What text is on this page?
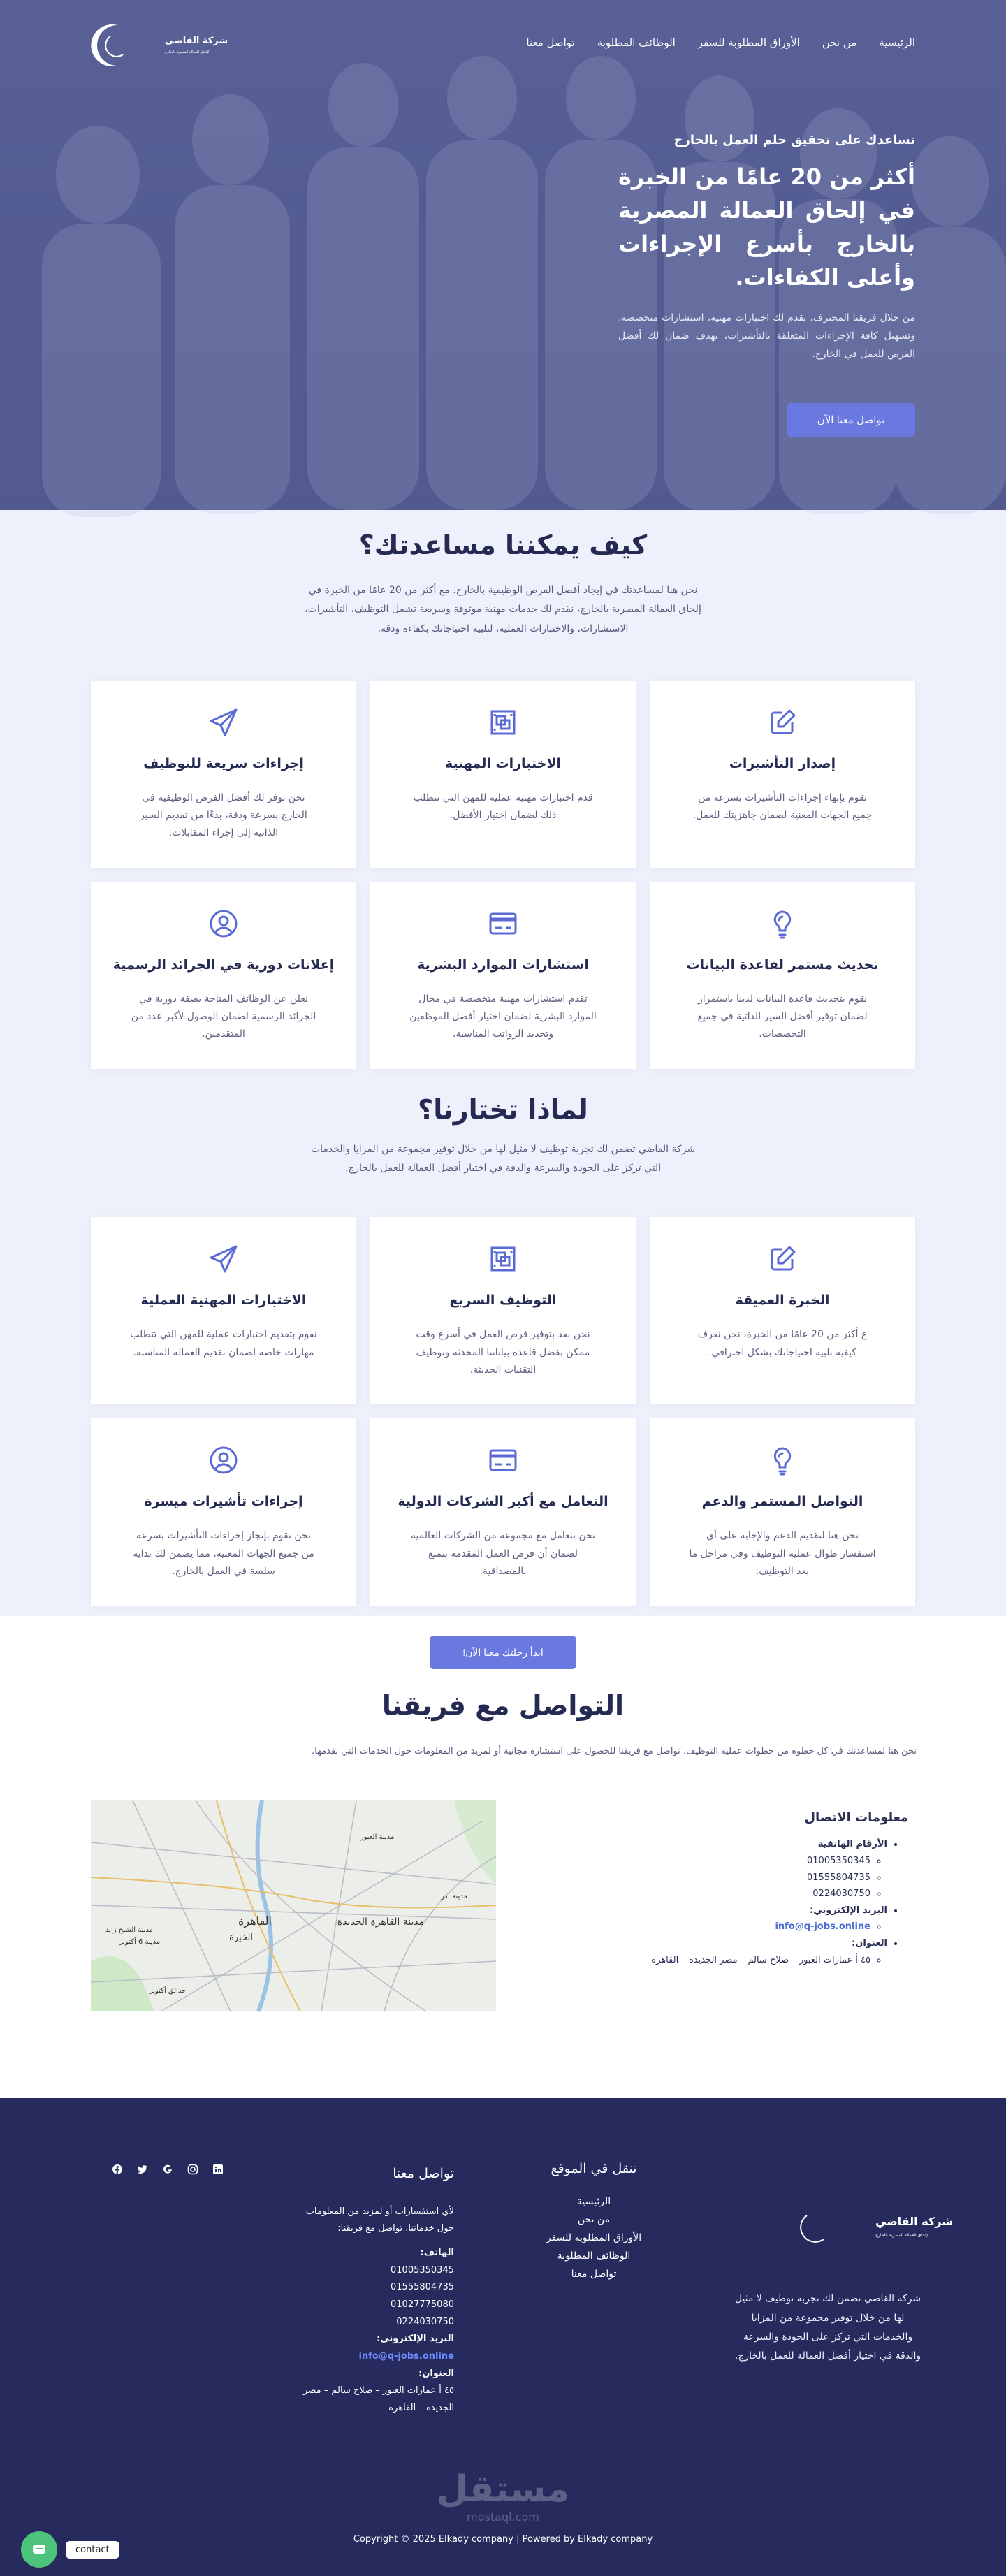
شركة القاضي
لإلحاق العمالة المصرية بالخارج
الرئيسية
من نحن
الأوراق المطلوبة للسفر
الوظائف المطلوبة
تواصل معنا
نساعدك على تحقيق حلم العمل بالخارج
أكثر من 20 عامًا من الخبرة في إلحاق العمالة المصرية بالخارج بأسرع الإجراءات وأعلى الكفاءات.

من خلال فريقنا المحترف، نقدم لك اختبارات مهنية، استشارات متخصصة، وتسهيل كافة الإجراءات المتعلقة بالتأشيرات، بهدف ضمان لك أفضل الفرص للعمل في الخارج.

تواصل معنا الآن
كيف يمكننا مساعدتك؟

نحن هنا لمساعدتك في إيجاد أفضل الفرص الوظيفية بالخارج. مع أكثر من 20 عامًا من الخبرة في إلحاق العمالة المصرية بالخارج، نقدم لك خدمات مهنية موثوقة وسريعة تشمل التوظيف، التأشيرات، الاستشارات، والاختبارات العملية، لتلبية احتياجاتك بكفاءة ودقة.

إصدار التأشيرات

نقوم بإنهاء إجراءات التأشيرات بسرعة من جميع الجهات المعنية لضمان جاهزيتك للعمل.

الاختبارات المهنية

قدم اختبارات مهنية عملية للمهن التي تتطلب ذلك لضمان اختيار الأفضل.

إجراءات سريعة للتوظيف

نحن نوفر لك أفضل الفرص الوظيفية في الخارج بسرعة ودقة، بدءًا من تقديم السير الذاتية إلى إجراء المقابلات.

تحديث مستمر لقاعدة البيانات

نقوم بتحديث قاعدة البيانات لدينا باستمرار لضمان توفير أفضل السير الذاتية في جميع التخصصات.

استشارات الموارد البشرية

تقدم استشارات مهنية متخصصة في مجال الموارد البشرية لضمان اختيار أفضل الموظفين وتحديد الرواتب المناسبة.

إعلانات دورية في الجرائد الرسمية

نعلن عن الوظائف المتاحة بصفة دورية في الجرائد الرسمية لضمان الوصول لأكبر عدد من المتقدمين.

لماذا تختارنا؟

شركة القاضي تضمن لك تجربة توظيف لا مثيل لها من خلال توفير مجموعة من المزايا والخدمات التي تركز على الجودة والسرعة والدقة في اختيار أفضل العمالة للعمل بالخارج.

الخبرة العميقة

ع أكثر من 20 عامًا من الخبرة، نحن نعرف كيفية تلبية احتياجاتك بشكل احترافي.

التوظيف السريع

نحن نعد بتوفير فرص العمل في أسرع وقت ممكن بفضل قاعدة بياناتنا المحدثة وتوظيف التقنيات الحديثة.

الاختبارات المهنية العملية

نقوم بتقديم اختبارات عملية للمهن التي تتطلب مهارات خاصة لضمان تقديم العمالة المناسبة.

التواصل المستمر والدعم

نحن هنا لتقديم الدعم والإجابة على أي استفسار طوال عملية التوظيف وفي مراحل ما بعد التوظيف.

التعامل مع أكبر الشركات الدولية

نحن نتعامل مع مجموعة من الشركات العالمية لضمان أن فرص العمل المقدمة تتمتع بالمصداقية.

إجراءات تأشيرات ميسرة

نحن نقوم بإنجاز إجراءات التأشيرات بسرعة من جميع الجهات المعنية، مما يضمن لك بداية سلسة في العمل بالخارج.

ابدأ رحلتك معنا الآن!
التواصل مع فريقنا

نحن هنا لمساعدتك في كل خطوة من خطوات عملية التوظيف. تواصل مع فريقنا للحصول على استشارة مجانية أو لمزيد من المعلومات حول الخدمات التي نقدمها.

القاهرة	مدينة القاهرة الجديدة
الخيرة
مدينة الشيخ زايد
مدينة 6 أكتوبر
مدينة العبور
مدينة بدر
حدائق أكتوبر
معلومات الاتصال
• الأرقام الهاتفية
◦ 01005350345
◦ 01555804735
◦ 0224030750
• البريد الإلكتروني:
◦ info@q-jobs.online
• العنوان:
◦ ٤٥ أ عمارات العبور – صلاح سالم – مصر الجديدة – القاهرة
شركة القاضي
لإلحاق العمالة المصرية بالخارج

شركة القاضي تضمن لك تجربة توظيف لا مثيل لها من خلال توفير مجموعة من المزايا والخدمات التي تركز على الجودة والسرعة والدقة في اختيار أفضل العمالة للعمل بالخارج.

تنقل في الموقع
الرئيسية
من نحن
الأوراق المطلوبة للسفر
الوظائف المطلوبة
تواصل معنا
تواصل معنا

لأي استفسارات أو لمزيد من المعلومات حول خدماتنا، تواصل مع فريقنا:

الهاتف:

01005350345
01555804735
01027775080
0224030750
البريد الإلكتروني:
info@q-jobs.online
العنوان:
٤٥ أ عمارات العبور – صلاح سالم – مصر الجديدة – القاهرة
مستقل
mostaql.com
Copyright © 2025 Elkady company | Powered by Elkady company
contact
